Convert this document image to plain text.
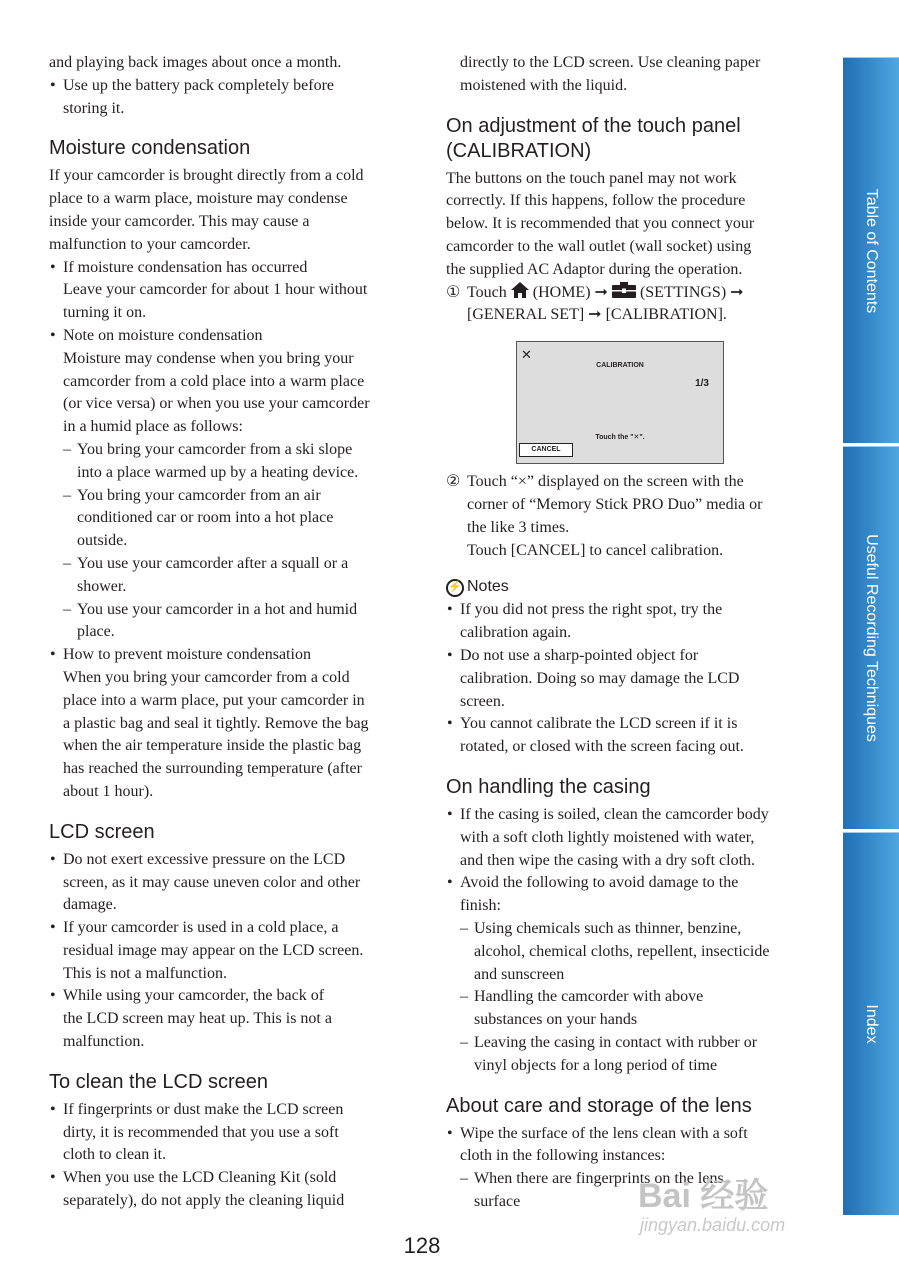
and playing back images about once a month.

• Use up the battery pack completely before

storing it.

Moisture condensation

If your camcorder is brought directly from a cold

place to a warm place, moisture may condense

inside your camcorder. This may cause a

malfunction to your camcorder.

• If moisture condensation has occurred

Leave your camcorder for about 1 hour without

turning it on.

• Note on moisture condensation

Moisture may condense when you bring your

camcorder from a cold place into a warm place

(or vice versa) or when you use your camcorder

in a humid place as follows:

– You bring your camcorder from a ski slope

into a place warmed up by a heating device.

– You bring your camcorder from an air

conditioned car or room into a hot place

outside.

– You use your camcorder after a squall or a

shower.

– You use your camcorder in a hot and humid

place.

• How to prevent moisture condensation

When you bring your camcorder from a cold

place into a warm place, put your camcorder in

a plastic bag and seal it tightly. Remove the bag

when the air temperature inside the plastic bag

has reached the surrounding temperature (after

about 1 hour).

LCD screen

• Do not exert excessive pressure on the LCD

screen, as it may cause uneven color and other

damage.

• If your camcorder is used in a cold place, a

residual image may appear on the LCD screen.

This is not a malfunction.

• While using your camcorder, the back of

the LCD screen may heat up. This is not a

malfunction.

To clean the LCD screen

• If fingerprints or dust make the LCD screen

dirty, it is recommended that you use a soft

cloth to clean it.

• When you use the LCD Cleaning Kit (sold

separately), do not apply the cleaning liquid

directly to the LCD screen. Use cleaning paper

moistened with the liquid.

On adjustment of the touch panel
(CALIBRATION)

The buttons on the touch panel may not work

correctly. If this happens, follow the procedure

below. It is recommended that you connect your

camcorder to the wall outlet (wall socket) using

the supplied AC Adaptor during the operation.

① Touch (HOME) ➞ (SETTINGS) ➞

[GENERAL SET] ➞ [CALIBRATION].

✕
CALIBRATION
1/3
Touch the "✕".
CANCEL
② Touch “×” displayed on the screen with the

corner of “Memory Stick PRO Duo” media or

the like 3 times.

Touch [CANCEL] to cancel calibration.

⚡ Notes

• If you did not press the right spot, try the

calibration again.

• Do not use a sharp-pointed object for

calibration. Doing so may damage the LCD

screen.

• You cannot calibrate the LCD screen if it is

rotated, or closed with the screen facing out.

On handling the casing

• If the casing is soiled, clean the camcorder body

with a soft cloth lightly moistened with water,

and then wipe the casing with a dry soft cloth.

• Avoid the following to avoid damage to the

finish:

– Using chemicals such as thinner, benzine,

alcohol, chemical cloths, repellent, insecticide

and sunscreen

– Handling the camcorder with above

substances on your hands

– Leaving the casing in contact with rubber or

vinyl objects for a long period of time

About care and storage of the lens

• Wipe the surface of the lens clean with a soft

cloth in the following instances:

– When there are fingerprints on the lens

surface

Table of Contents
Useful Recording Techniques
Index
128
Bai 经验
jingyan.baidu.com
